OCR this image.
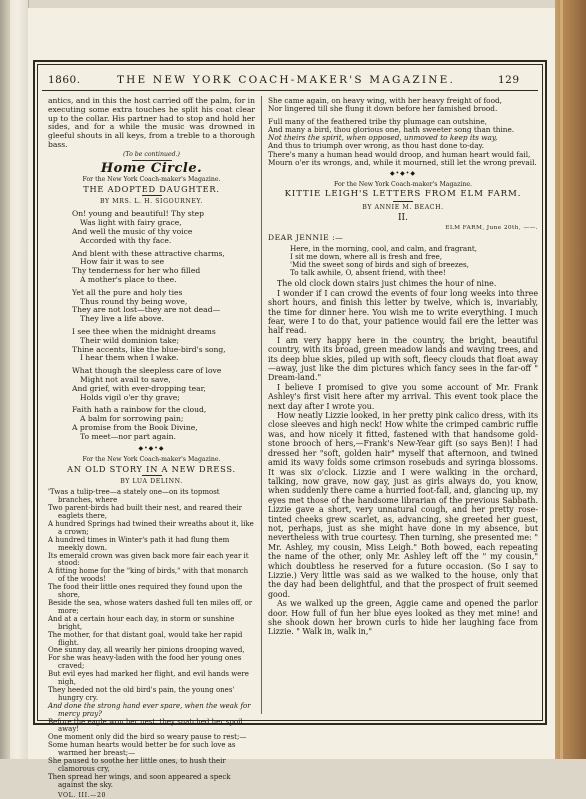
1860.	THE NEW YORK COACH-MAKER'S MAGAZINE.	129

antics, and in this the host carried off the palm, for in executing some extra touches he split his coat clear up to the collar. His partner had to stop and hold her sides, and for a while the music was drowned in gleeful shouts in all keys, from a treble to a thorough bass.

(To be continued.)

Home Circle.

For the New York Coach-maker's Magazine.

THE ADOPTED DAUGHTER.

BY MRS. L. H. SIGOURNEY.

On! young and beautiful! Thy step
Was light with fairy grace,
And well the music of thy voice
Accorded with thy face.
And blent with these attractive charms,
How fair it was to see
Thy tenderness for her who filled
A mother's place to thee.
Yet all the pure and holy ties
Thus round thy being wove,
They are not lost—they are not dead—
They live a life above.
I see thee when the midnight dreams
Their wild dominion take;
Thine accents, like the blue-bird's song,
I hear them when I wake.
What though the sleepless care of love
Might not avail to save,
And grief, with ever-dropping tear,
Holds vigil o'er thy grave;
Faith hath a rainbow for the cloud,
A balm for sorrowing pain;
A promise from the Book Divine,
To meet—nor part again.
◆•◆•◆

For the New York Coach-maker's Magazine.

AN OLD STORY IN A NEW DRESS.

BY LUA DELINN.

'Twas a tulip-tree—a stately one—on its topmost branches, where

Two parent-birds had built their nest, and reared their eaglets there,

A hundred Springs had twined their wreaths about it, like a crown;

A hundred times in Winter's path it had flung them meekly down.

Its emerald crown was given back more fair each year it stood:

A fitting home for the "king of birds," with that monarch of the woods!

The food their little ones required they found upon the shore,

Beside the sea, whose waters dashed full ten miles off, or more;

And at a certain hour each day, in storm or sunshine bright,

The mother, for that distant goal, would take her rapid flight.

One sunny day, all wearily her pinions drooping waved,

For she was heavy-laden with the food her young ones craved;

But evil eyes had marked her flight, and evil hands were nigh,

They heeded not the old bird's pain, the young ones' hungry cry.

And done the strong hand ever spare, when the weak for mercy pray?

Before the eagle won her nest, they snatched her spoil away!

One moment only did the bird so weary pause to rest;—

Some human hearts would better be for such love as warmed her breast;—

She paused to soothe her little ones, to hush their clamorous cry,

Then spread her wings, and soon appeared a speck against the sky.

VOL. III.—20

She came again, on heavy wing, with her heavy freight of food,
Nor lingered till she flung it down before her famished brood.
Full many of the feathered tribe thy plumage can outshine,
And many a bird, thou glorious one, hath sweeter song than thine.
Not theirs the spirit, when opposed, unmoved to keep its way,
And thus to triumph over wrong, as thou hast done to-day.
There's many a human head would droop, and human heart would fail,
Mourn o'er its wrongs, and, while it mourned, still let the wrong prevail.
◆•◆•◆

For the New York Coach-maker's Magazine.

KITTIE LEIGH'S LETTERS FROM ELM FARM.

BY ANNIE M. BEACH.

II.
ELM FARM, June 20th, ——.
DEAR JENNIE :—
Here, in the morning, cool, and calm, and fragrant,
I sit me down, where all is fresh and free,
'Mid the sweet song of birds and sigh of breezes,
To talk awhile, O, absent friend, with thee!

The old clock down stairs just chimes the hour of nine.

I wonder if I can crowd the events of four long weeks into three short hours, and finish this letter by twelve, which is, invariably, the time for dinner here. You wish me to write everything. I much fear, were I to do that, your patience would fail ere the letter was half read.

I am very happy here in the country, the bright, beautiful country, with its broad, green meadow lands and waving trees, and its deep blue skies, piled up with soft, fleecy clouds that float away—away, just like the dim pictures which fancy sees in the far-off " Dream-land."

I believe I promised to give you some account of Mr. Frank Ashley's first visit here after my arrival. This event took place the next day after I wrote you.

How neatly Lizzie looked, in her pretty pink calico dress, with its close sleeves and high neck! How white the crimped cambric ruffle was, and how nicely it fitted, fastened with that handsome gold-stone brooch of hers,—Frank's New-Year gift (so says Ben)! I had dressed her "soft, golden hair" myself that afternoon, and twined amid its wavy folds some crimson rosebuds and syringa blossoms. It was six o'clock. Lizzie and I were walking in the orchard, talking, now grave, now gay, just as girls always do, you know, when suddenly there came a hurried foot-fall, and, glancing up, my eyes met those of the handsome librarian of the previous Sabbath. Lizzie gave a short, very unnatural cough, and her pretty rose-tinted cheeks grew scarlet, as, advancing, she greeted her guest, not, perhaps, just as she might have done in my absence, but nevertheless with true courtesy. Then turning, she presented me: " Mr. Ashley, my cousin, Miss Leigh." Both bowed, each repeating the name of the other, only Mr. Ashley left off the " my cousin," which doubtless he reserved for a future occasion. (So I say to Lizzie.) Very little was said as we walked to the house, only that the day had been delightful, and that the prospect of fruit seemed good.

As we walked up the green, Aggie came and opened the parlor door. How full of fun her blue eyes looked as they met mine! and she shook down her brown curls to hide her laughing face from Lizzie. " Walk in, walk in,"
